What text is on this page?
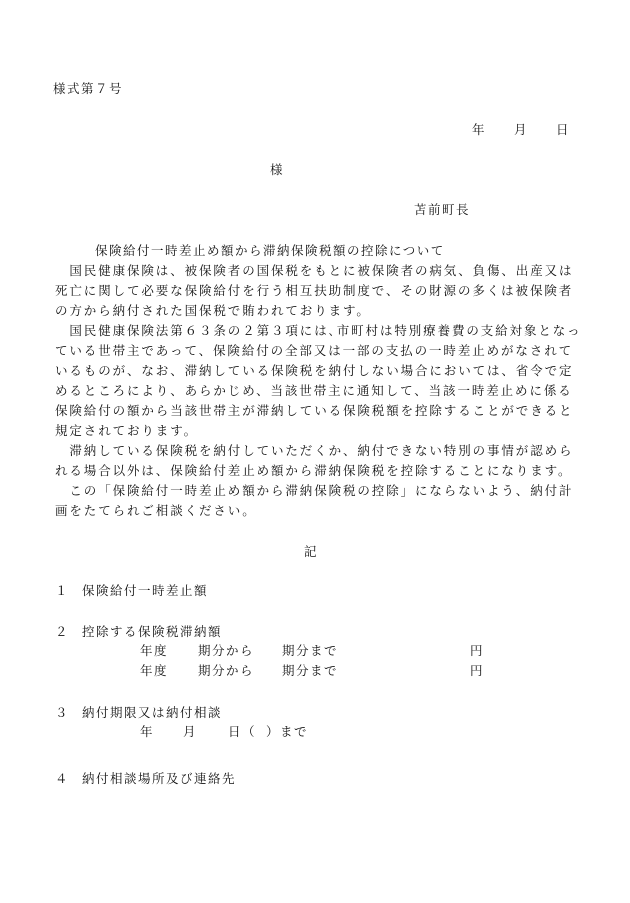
様式第７号
年 月 日
様
苫前町長
保険給付一時差止め額から滞納保険税額の控除について
　国民健康保険は、被保険者の国保税をもとに被保険者の病気、負傷、出産又は
死亡に関して必要な保険給付を行う相互扶助制度で、その財源の多くは被保険者
の方から納付された国保税で賄われております。
　国民健康保険法第６３条の２第３項には､市町村は特別療養費の支給対象となっ
ている世帯主であって、保険給付の全部又は一部の支払の一時差止めがなされて
いるものが、なお、滞納している保険税を納付しない場合においては、省令で定
めるところにより、あらかじめ、当該世帯主に通知して、当該一時差止めに係る
保険給付の額から当該世帯主が滞納している保険税額を控除することができると
規定されております。
　滞納している保険税を納付していただくか、納付できない特別の事情が認めら
れる場合以外は、保険給付差止め額から滞納保険税を控除することになります。
　この「保険給付一時差止め額から滞納保険税の控除」にならないよう、納付計
画をたてられご相談ください。
記
１ 保険給付一時差止額
２ 控除する保険税滞納額
年度 期分から 期分まで	円
年度 期分から 期分まで	円
３ 納付期限又は納付相談
年 月 日（ ）まで
４ 納付相談場所及び連絡先
